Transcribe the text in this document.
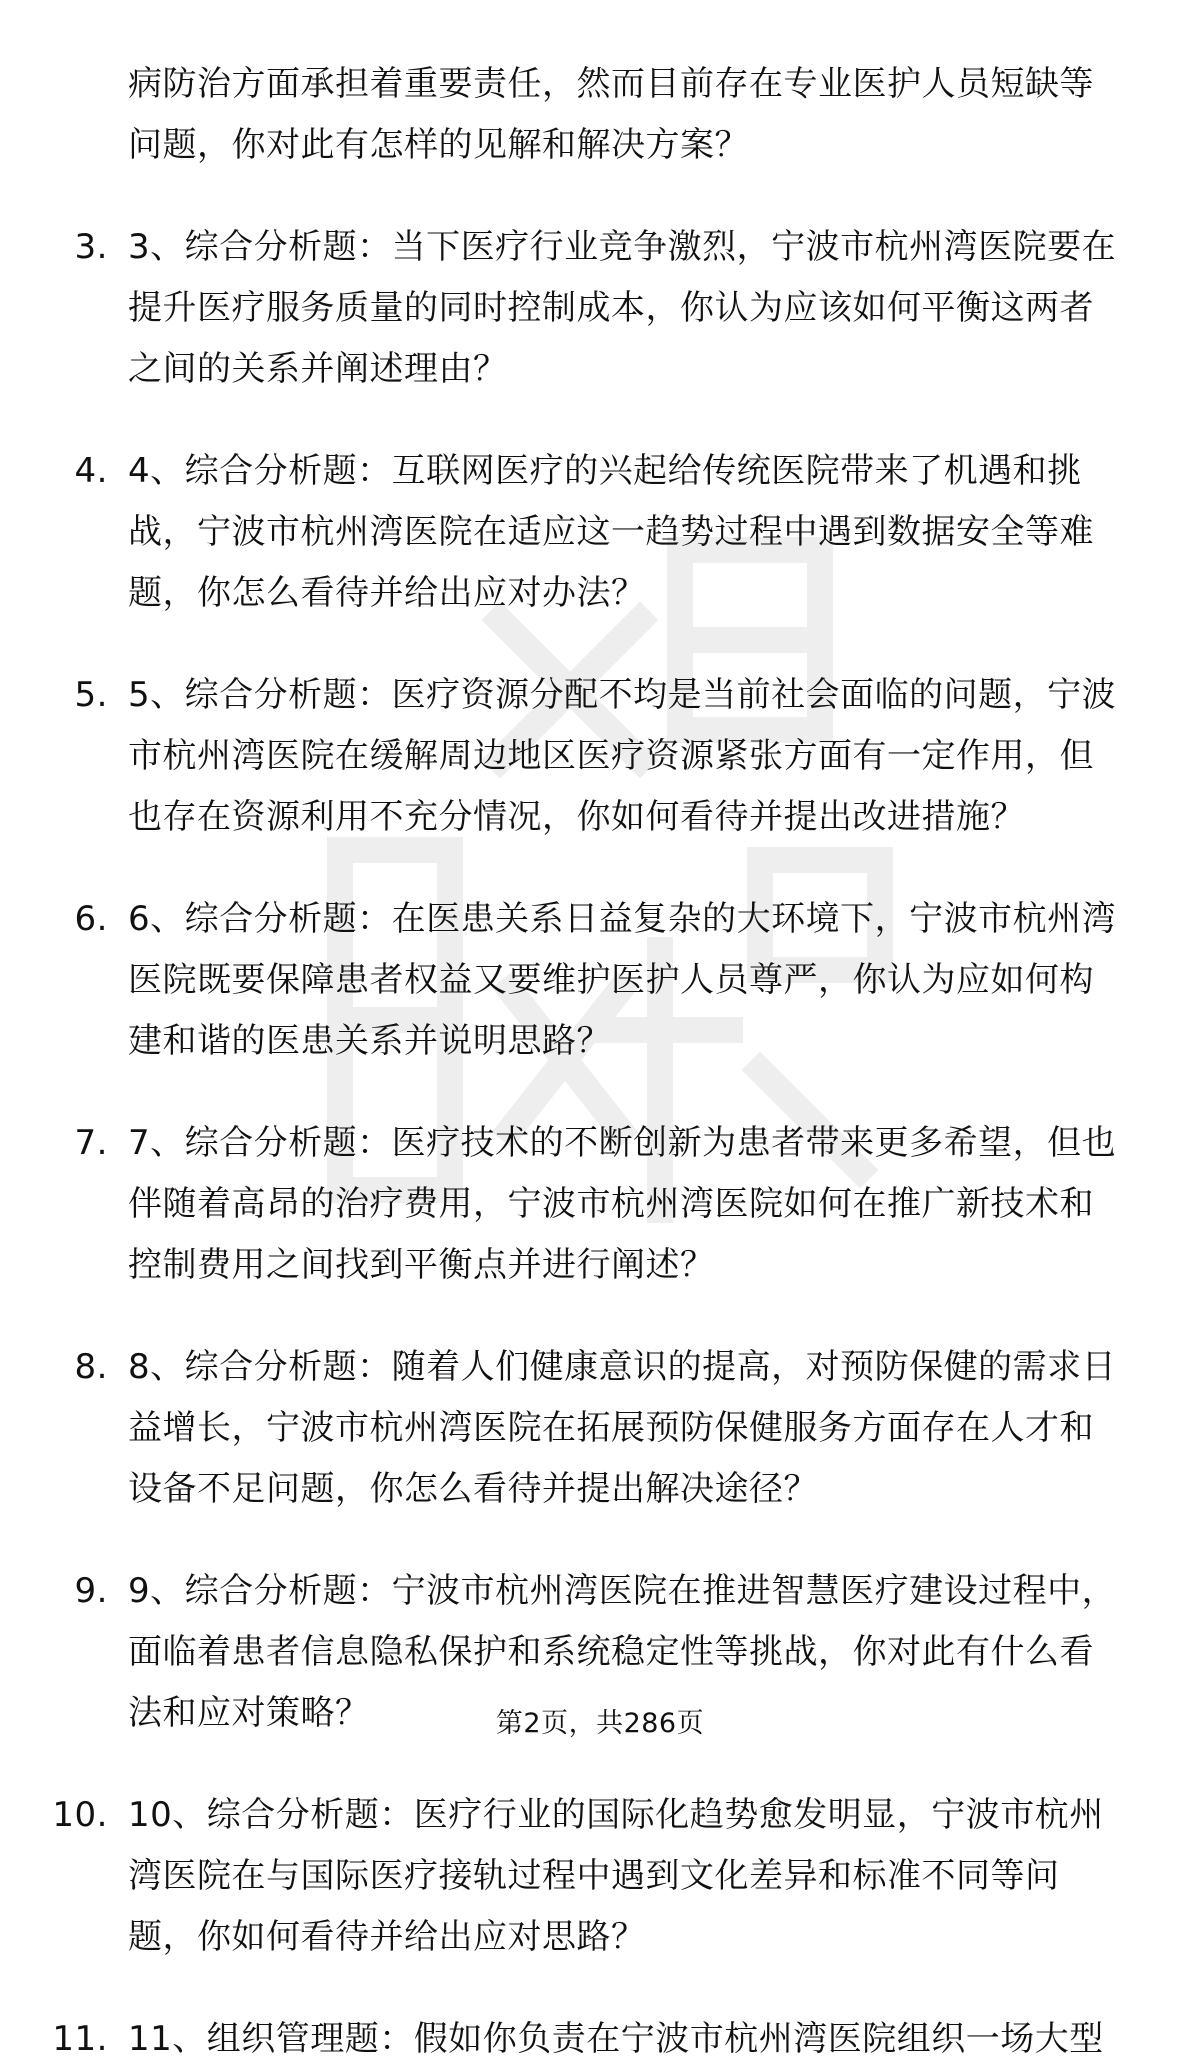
病防治方面承担着重要责任，然而目前存在专业医护人员短缺等
问题，你对此有怎样的见解和解决方案？
3. 3、综合分析题：当下医疗行业竞争激烈，宁波市杭州湾医院要在
提升医疗服务质量的同时控制成本，你认为应该如何平衡这两者
之间的关系并阐述理由？
4. 4、综合分析题：互联网医疗的兴起给传统医院带来了机遇和挑
战，宁波市杭州湾医院在适应这一趋势过程中遇到数据安全等难
题，你怎么看待并给出应对办法？
5. 5、综合分析题：医疗资源分配不均是当前社会面临的问题，宁波
市杭州湾医院在缓解周边地区医疗资源紧张方面有一定作用，但
也存在资源利用不充分情况，你如何看待并提出改进措施？
6. 6、综合分析题：在医患关系日益复杂的大环境下，宁波市杭州湾
医院既要保障患者权益又要维护医护人员尊严，你认为应如何构
建和谐的医患关系并说明思路？
7. 7、综合分析题：医疗技术的不断创新为患者带来更多希望，但也
伴随着高昂的治疗费用，宁波市杭州湾医院如何在推广新技术和
控制费用之间找到平衡点并进行阐述？
8. 8、综合分析题：随着人们健康意识的提高，对预防保健的需求日
益增长，宁波市杭州湾医院在拓展预防保健服务方面存在人才和
设备不足问题，你怎么看待并提出解决途径？
9. 9、综合分析题：宁波市杭州湾医院在推进智慧医疗建设过程中，
面临着患者信息隐私保护和系统稳定性等挑战，你对此有什么看
法和应对策略？
10. 10、综合分析题：医疗行业的国际化趋势愈发明显，宁波市杭州
湾医院在与国际医疗接轨过程中遇到文化差异和标准不同等问
题，你如何看待并给出应对思路？
11. 11、组织管理题：假如你负责在宁波市杭州湾医院组织一场大型
第2页，共286页
